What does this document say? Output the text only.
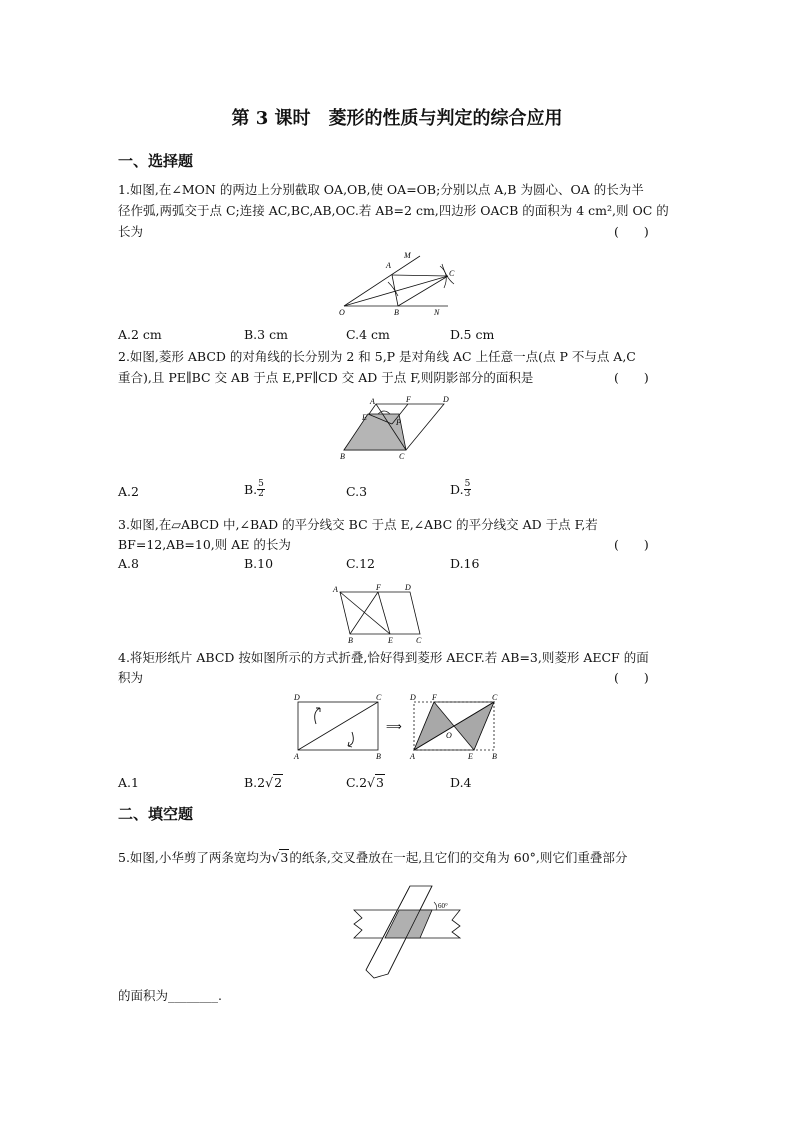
第 3 课时　菱形的性质与判定的综合应用
一、选择题
1.如图,在∠MON 的两边上分别截取 OA,OB,使 OA=OB;分别以点 A,B 为圆心、OA 的长为半
径作弧,两弧交于点 C;连接 AC,BC,AB,OC.若 AB=2 cm,四边形 OACB 的面积为 4 cm²,则 OC 的
长为	(　　)
O	B	N
A
M
C
A.2 cm	B.3 cm	C.4 cm	D.5 cm
2.如图,菱形 ABCD 的对角线的长分别为 2 和 5,P 是对角线 AC 上任意一点(点 P 不与点 A,C
重合),且 PE∥BC 交 AB 于点 E,PF∥CD 交 AD 于点 F,则阴影部分的面积是	(　　)
A	F	D
E
P
B	C
A.2	B. $\frac{5}{2}$	C.3	D. $\frac{5}{3}$
3.如图,在▱ABCD 中,∠BAD 的平分线交 BC 于点 E,∠ABC 的平分线交 AD 于点 F,若
BF=12,AB=10,则 AE 的长为	(　　)
A.8	B.10	C.12	D.16
A	F	D
B	E	C
4.将矩形纸片 ABCD 按如图所示的方式折叠,恰好得到菱形 AECF.若 AB=3,则菱形 AECF 的面
积为	(　　)
D	C
A	B
⟹
D F	C
O
A	E B
A.1	B.2√2	C.2√3	D.4
二、填空题
5.如图,小华剪了两条宽均为√3的纸条,交叉叠放在一起,且它们的交角为 60°,则它们重叠部分
60°
的面积为________.
